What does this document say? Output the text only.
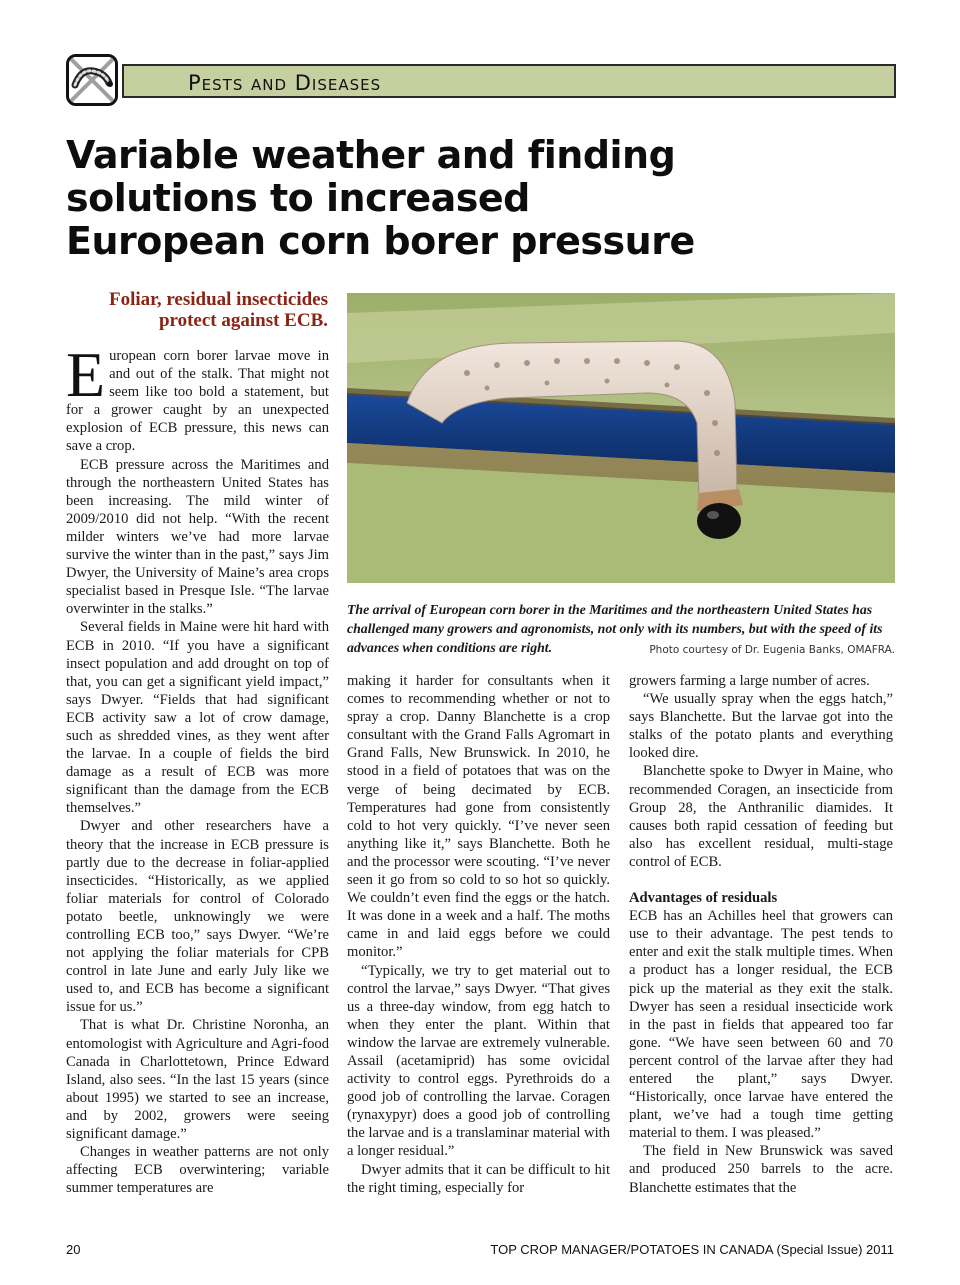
Pests and Diseases
Variable weather and finding
solutions to increased
European corn borer pressure
Foliar, residual insecticides
protect against ECB.
The arrival of European corn borer in the Maritimes and the northeastern United States has challenged many growers and agronomists, not only with its numbers, but with the speed of its advances when conditions are right.	Photo courtesy of Dr. Eugenia Banks, OMAFRA.

European corn borer larvae move in and out of the stalk. That might not seem like too bold a statement, but for a grower caught by an unexpected explosion of ECB pressure, this news can save a crop.

ECB pressure across the Maritimes and through the northeastern United States has been increasing. The mild winter of 2009/2010 did not help. “With the recent milder winters we’ve had more larvae survive the winter than in the past,” says Jim Dwyer, the University of Maine’s area crops specialist based in Presque Isle. “The larvae overwinter in the stalks.”

Several fields in Maine were hit hard with ECB in 2010. “If you have a significant insect population and add drought on top of that, you can get a significant yield impact,” says Dwyer. “Fields that had significant ECB activity saw a lot of crow damage, such as shredded vines, as they went after the larvae. In a couple of fields the bird damage as a result of ECB was more significant than the damage from the ECB themselves.”

Dwyer and other researchers have a theory that the increase in ECB pressure is partly due to the decrease in foliar-applied insecticides. “Historically, as we applied foliar materials for control of Colorado potato beetle, unknowingly we were controlling ECB too,” says Dwyer. “We’re not applying the foliar materials for CPB control in late June and early July like we used to, and ECB has become a significant issue for us.”

That is what Dr. Christine Noronha, an entomologist with Agriculture and Agri-food Canada in Charlottetown, Prince Edward Island, also sees. “In the last 15 years (since about 1995) we started to see an increase, and by 2002, growers were seeing significant damage.”

Changes in weather patterns are not only affecting ECB overwintering; variable summer temperatures are

making it harder for consultants when it comes to recommending whether or not to spray a crop. Danny Blanchette is a crop consultant with the Grand Falls Agromart in Grand Falls, New Brunswick. In 2010, he stood in a field of potatoes that was on the verge of being decimated by ECB. Temperatures had gone from consistently cold to hot very quickly. “I’ve never seen anything like it,” says Blanchette. Both he and the processor were scouting. “I’ve never seen it go from so cold to so hot so quickly. We couldn’t even find the eggs or the hatch. It was done in a week and a half. The moths came in and laid eggs before we could monitor.”

“Typically, we try to get material out to control the larvae,” says Dwyer. “That gives us a three-day window, from egg hatch to when they enter the plant. Within that window the larvae are extremely vulnerable. Assail (acetamiprid) has some ovicidal activity to control eggs. Pyrethroids do a good job of controlling the larvae. Coragen (rynaxypyr) does a good job of controlling the larvae and is a translaminar material with a longer residual.”

Dwyer admits that it can be difficult to hit the right timing, especially for

growers farming a large number of acres.

“We usually spray when the eggs hatch,” says Blanchette. But the larvae got into the stalks of the potato plants and everything looked dire.

Blanchette spoke to Dwyer in Maine, who recommended Coragen, an insecticide from Group 28, the Anthranilic diamides. It causes both rapid cessation of feeding but also has excellent residual, multi-stage control of ECB.

Advantages of residuals

ECB has an Achilles heel that growers can use to their advantage. The pest tends to enter and exit the stalk multiple times. When a product has a longer residual, the ECB pick up the material as they exit the stalk. Dwyer has seen a residual insecticide work in the past in fields that appeared too far gone. “We have seen between 60 and 70 percent control of the larvae after they had entered the plant,” says Dwyer. “Historically, once larvae have entered the plant, we’ve had a tough time getting material to them. I was pleased.”

The field in New Brunswick was saved and produced 250 barrels to the acre. Blanchette estimates that the

20	TOP CROP MANAGER/POTATOES IN CANADA (Special Issue) 2011
